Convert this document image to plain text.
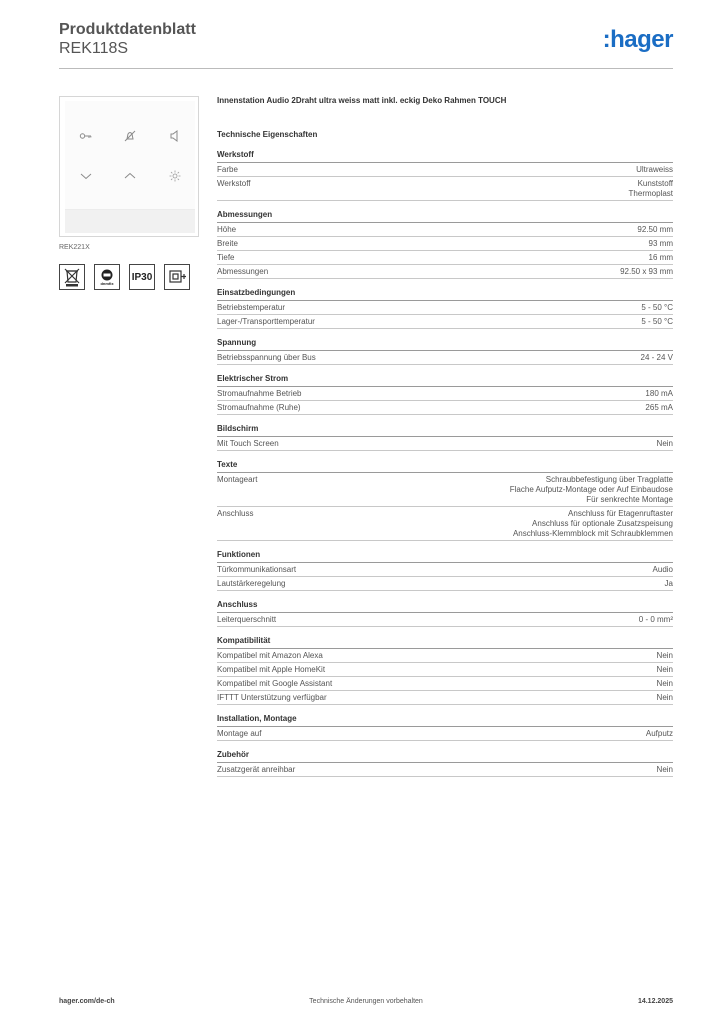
Produktdatenblatt
REK118S	:hager
REK221X
dnmfix
IP30
Innenstation Audio 2Draht ultra weiss matt inkl. eckig Deko Rahmen TOUCH
Technische Eigenschaften
Werkstoff
Farbe	Ultraweiss
Werkstoff	Kunststoff
Thermoplast
Abmessungen
Höhe	92.50 mm
Breite	93 mm
Tiefe	16 mm
Abmessungen	92.50 x 93 mm
Einsatzbedingungen
Betriebstemperatur	5 - 50 °C
Lager-/Transporttemperatur	5 - 50 °C
Spannung
Betriebsspannung über Bus	24 - 24 V
Elektrischer Strom
Stromaufnahme Betrieb	180 mA
Stromaufnahme (Ruhe)	265 mA
Bildschirm
Mit Touch Screen	Nein
Texte
Montageart	Schraubbefestigung über Tragplatte
Flache Aufputz-Montage oder Auf Einbaudose
Für senkrechte Montage
Anschluss	Anschluss für Etagenruftaster
Anschluss für optionale Zusatzspeisung
Anschluss-Klemmblock mit Schraubklemmen
Funktionen
Türkommunikationsart	Audio
Lautstärkeregelung	Ja
Anschluss
Leiterquerschnitt	0 - 0 mm²
Kompatibilität
Kompatibel mit Amazon Alexa	Nein
Kompatibel mit Apple HomeKit	Nein
Kompatibel mit Google Assistant	Nein
IFTTT Unterstützung verfügbar	Nein
Installation, Montage
Montage auf	Aufputz
Zubehör
Zusatzgerät anreihbar	Nein
hager.com/de-ch	Technische Änderungen vorbehalten	14.12.2025
